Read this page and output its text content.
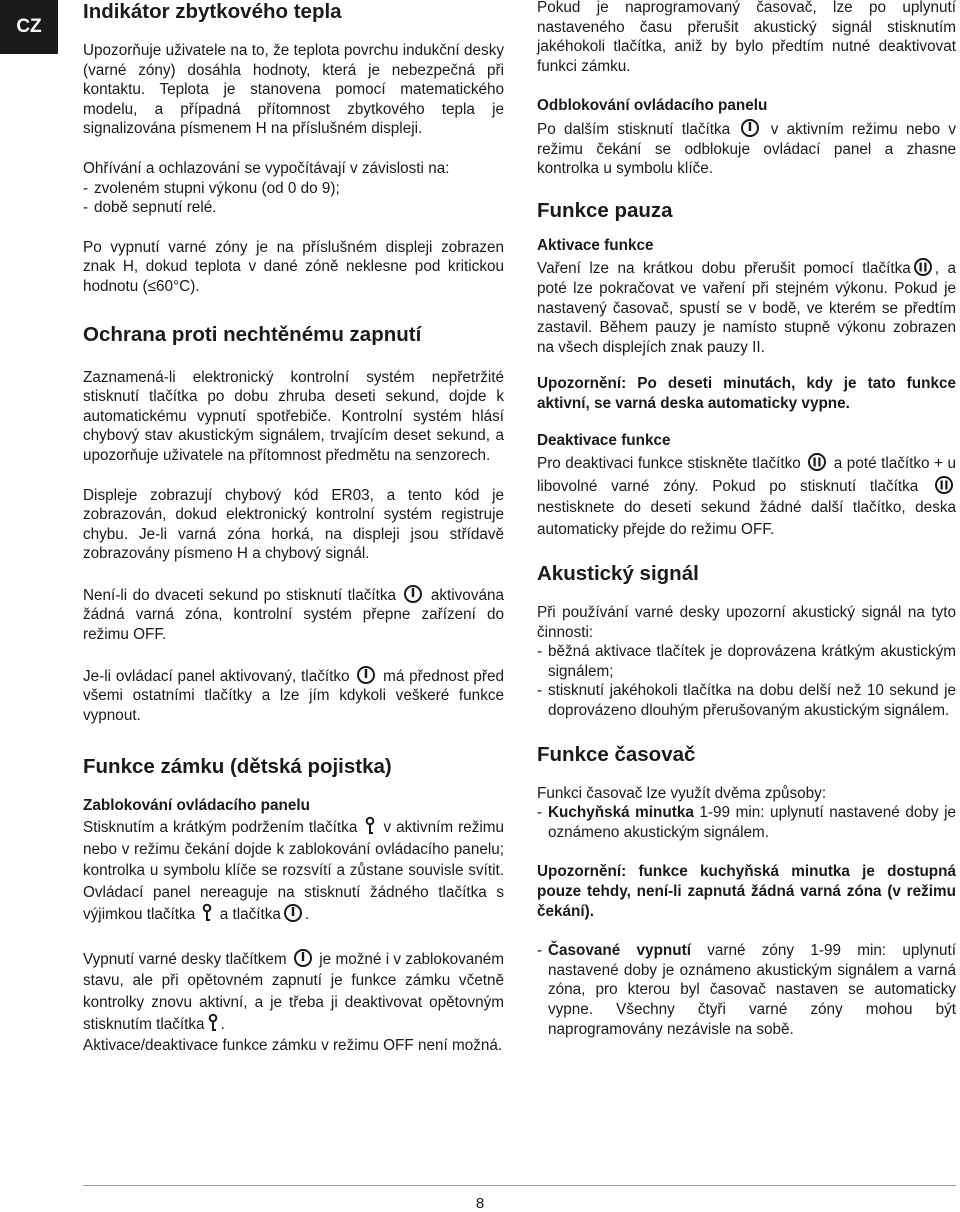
CZ
Indikátor zbytkového tepla

Upozorňuje uživatele na to, že teplota povrchu indukční desky (varné zóny) dosáhla hodnoty, která je nebezpečná při kontaktu. Teplota je stanovena pomocí matematického modelu, a případná přítomnost zbytkového tepla je signalizována písmenem H na příslušném displeji.

Ohřívání a ochlazování se vypočítávají v závislosti na:

- zvoleném stupni výkonu (od 0 do 9);
- době sepnutí relé.

Po vypnutí varné zóny je na příslušném displeji zobrazen znak H, dokud teplota v dané zóně neklesne pod kritickou hodnotu (≤60°C).

Ochrana proti nechtěnému zapnutí

Zaznamená-li elektronický kontrolní systém nepřetržité stisknutí tlačítka po dobu zhruba deseti sekund, dojde k automatickému vypnutí spotřebiče. Kontrolní systém hlásí chybový stav akustickým signálem, trvajícím deset sekund, a upozorňuje uživatele na přítomnost předmětu na senzorech.

Displeje zobrazují chybový kód ER03, a tento kód je zobrazován, dokud elektronický kontrolní systém registruje chybu. Je-li varná zóna horká, na displeji jsou střídavě zobrazovány písmeno H a chybový signál.

Není-li do dvaceti sekund po stisknutí tlačítka aktivována žádná varná zóna, kontrolní systém přepne zařízení do režimu OFF.

Je-li ovládací panel aktivovaný, tlačítko má přednost před všemi ostatními tlačítky a lze jím kdykoli veškeré funkce vypnout.

Funkce zámku (dětská pojistka)
Zablokování ovládacího panelu

Stisknutím a krátkým podržením tlačítka v aktivním režimu nebo v režimu čekání dojde k zablokování ovládacího panelu; kontrolka u symbolu klíče se rozsvítí a zůstane souvisle svítit. Ovládací panel nereaguje na stisknutí žádného tlačítka s výjimkou tlačítka a tlačítka .

Vypnutí varné desky tlačítkem je možné i v zablokovaném stavu, ale při opětovném zapnutí je funkce zámku včetně kontrolky znovu aktivní, a je třeba ji deaktivovat opětovným stisknutím tlačítka .

Aktivace/deaktivace funkce zámku v režimu OFF není možná.

Pokud je naprogramovaný časovač, lze po uplynutí nastaveného času přerušit akustický signál stisknutím jakéhokoli tlačítka, aniž by bylo předtím nutné deaktivovat funkci zámku.

Odblokování ovládacího panelu

Po dalším stisknutí tlačítka	v aktivním režimu nebo v režimu čekání se odblokuje ovládací panel a zhasne kontrolka u symbolu klíče.

Funkce pauza
Aktivace funkce

Vaření lze na krátkou dobu přerušit pomocí tlačítka , a poté lze pokračovat ve vaření při stejném výkonu. Pokud je nastavený časovač, spustí se v bodě, ve kterém se předtím zastavil. Během pauzy je namísto stupně výkonu zobrazen na všech displejích znak pauzy II.

Upozornění: Po deseti minutách, kdy je tato funkce aktivní, se varná deska automaticky vypne.

Deaktivace funkce

Pro deaktivaci funkce stiskněte tlačítko a poté tlačítko + u libovolné varné zóny. Pokud po stisknutí tlačítka
nestisknete do deseti sekund žádné další tlačítko, deska automaticky přejde do režimu OFF.

Akustický signál

Při používání varné desky upozorní akustický signál na tyto činnosti:

- běžná aktivace tlačítek je doprovázena krátkým akustickým signálem;
- stisknutí jakéhokoli tlačítka na dobu delší než 10 sekund je doprovázeno dlouhým přerušovaným akustickým signálem.
Funkce časovač

Funkci časovač lze využít dvěma způsoby:

- Kuchyňská minutka 1-99 min: uplynutí nastavené doby je oznámeno akustickým signálem.

Upozornění: funkce kuchyňská minutka je dostupná pouze tehdy, není-li zapnutá žádná varná zóna (v režimu čekání).

- Časované vypnutí varné zóny 1-99 min: uplynutí nastavené doby je oznámeno akustickým signálem a varná zóna, pro kterou byl časovač nastaven se automaticky vypne. Všechny čtyři varné zóny mohou být naprogramovány nezávisle na sobě.
8
